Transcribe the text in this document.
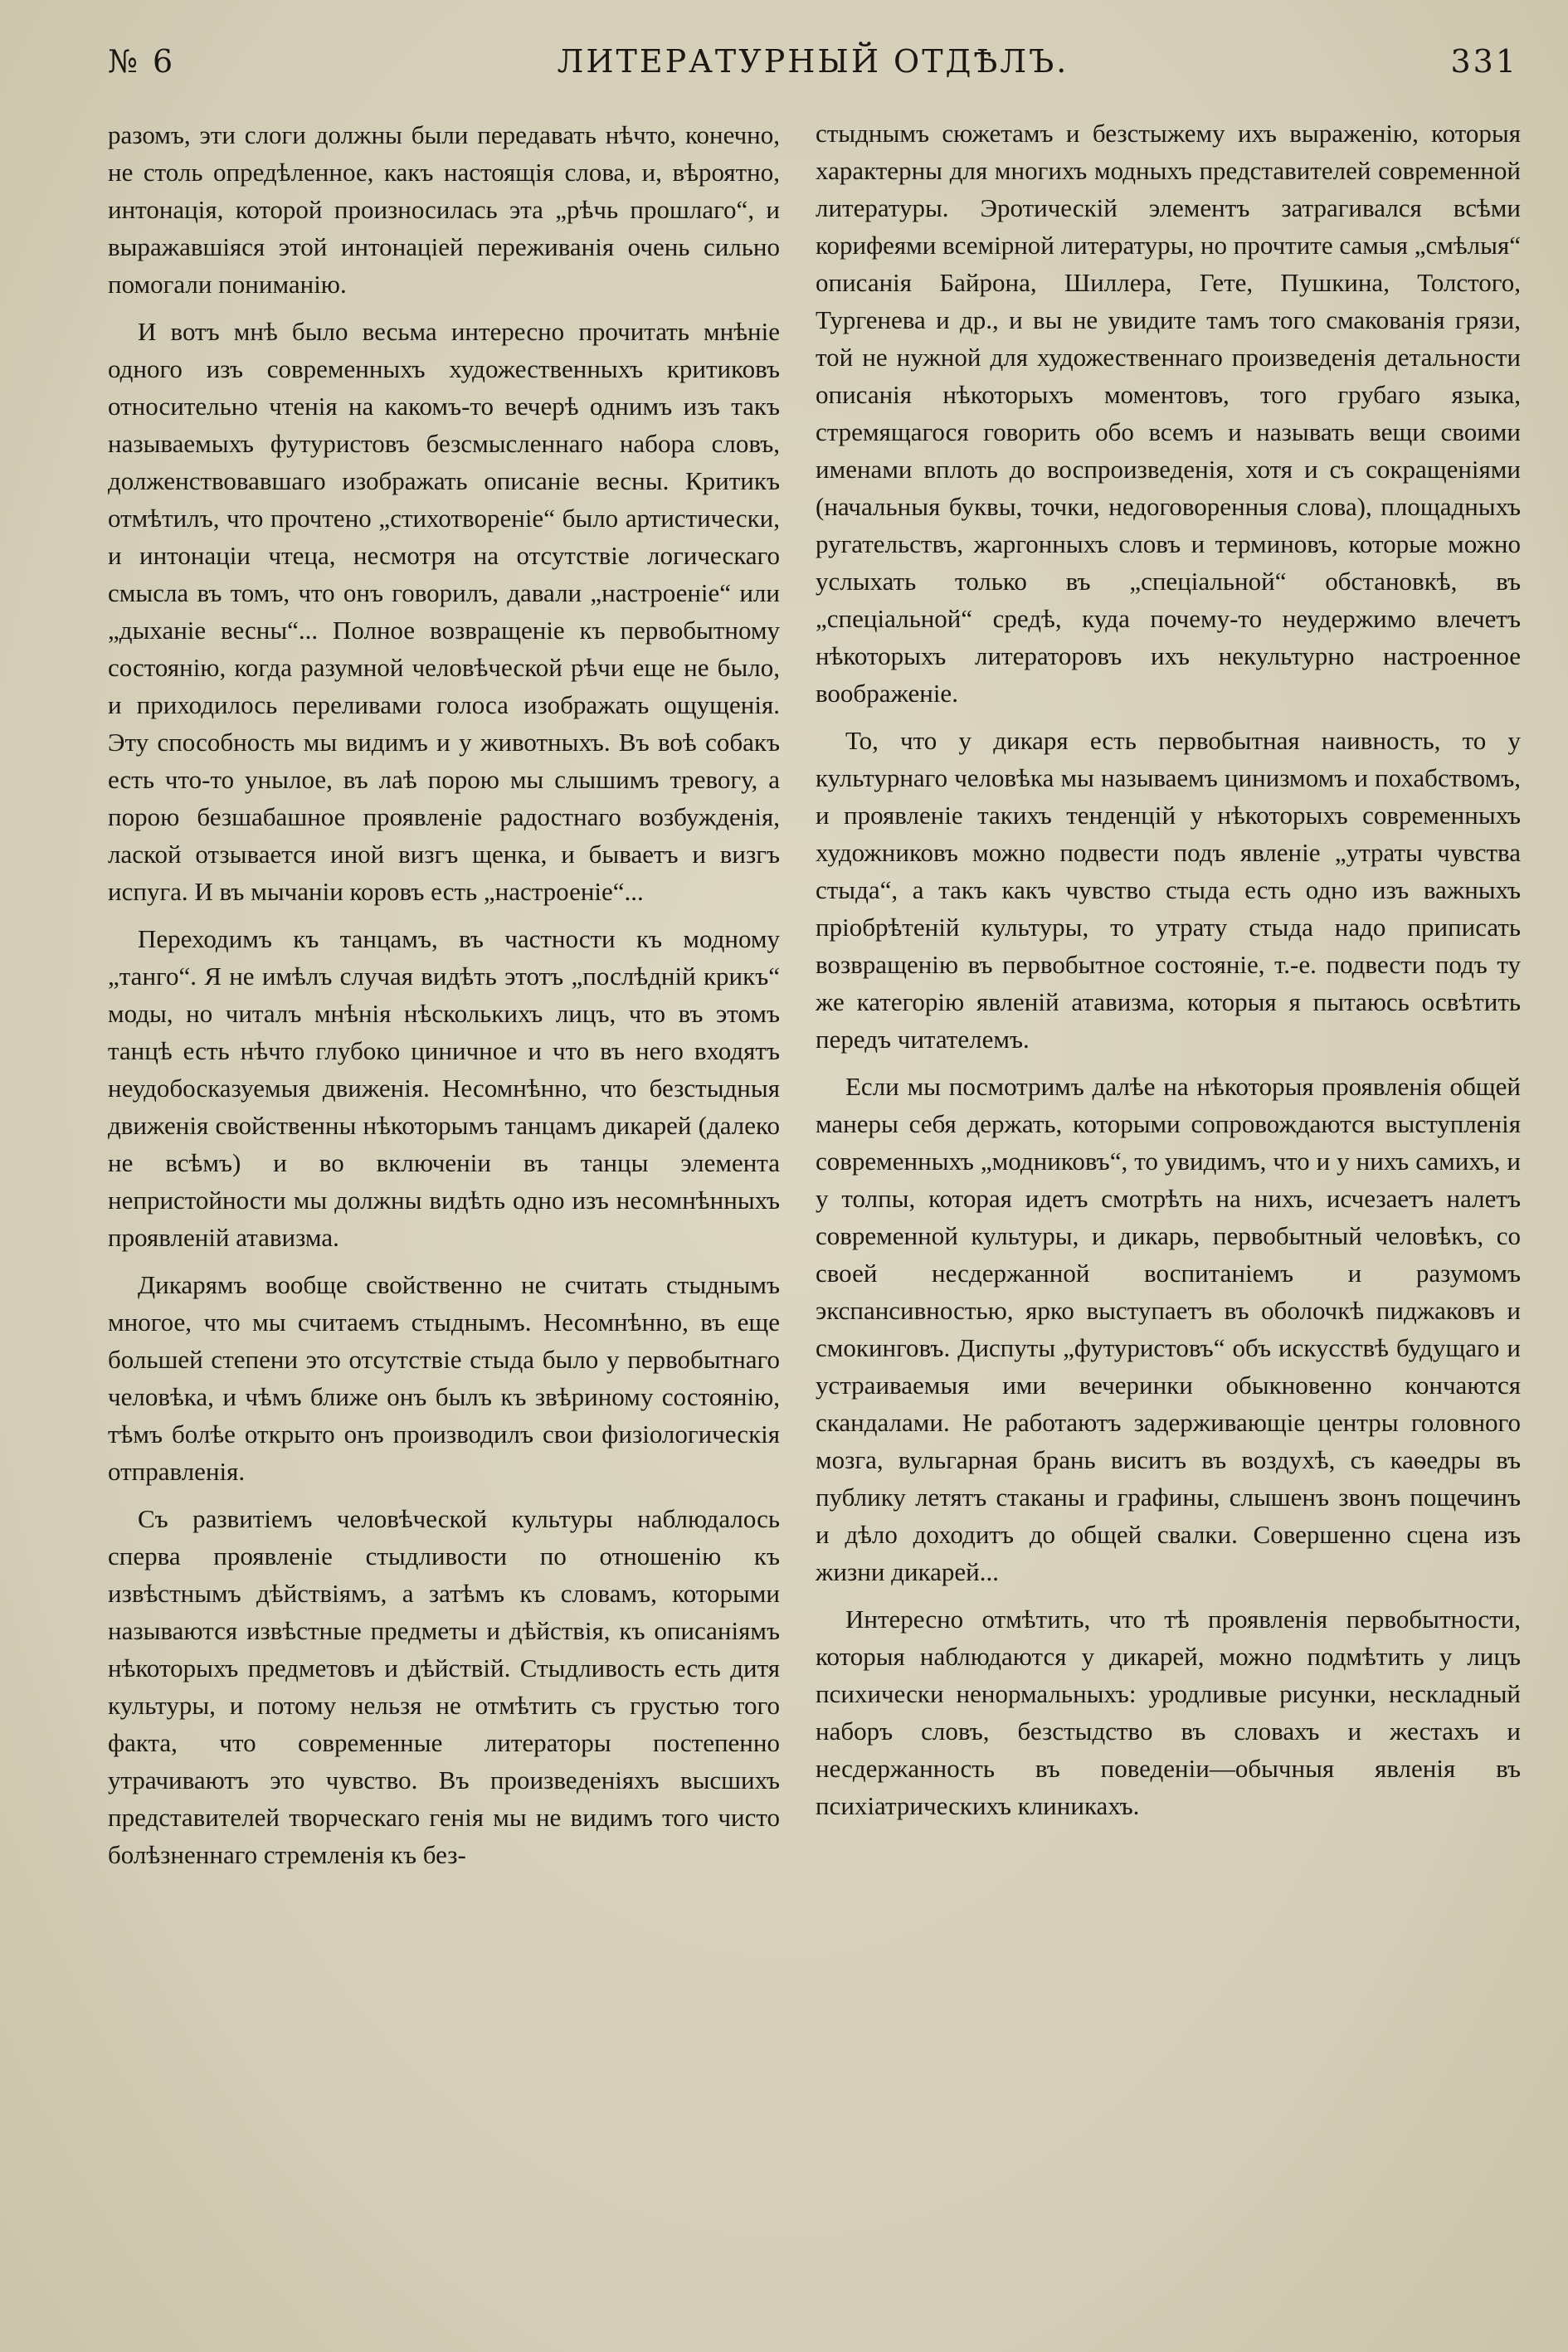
№ 6	ЛИТЕРАТУРНЫЙ ОТДѢЛЪ.	331

разомъ, эти слоги должны были передавать нѣчто, конечно, не столь опредѣленное, какъ настоящія слова, и, вѣроятно, интонація, которой произносилась эта „рѣчь прошлаго“, и выражавшіяся этой интонаціей переживанія очень сильно помогали пониманію.

И вотъ мнѣ было весьма интересно прочитать мнѣніе одного изъ современныхъ художественныхъ критиковъ относительно чтенія на какомъ-то вечерѣ однимъ изъ такъ называемыхъ футуристовъ безсмысленнаго набора словъ, долженствовавшаго изображать описаніе весны. Критикъ отмѣтилъ, что прочтено „стихотвореніе“ было артистически, и интонаціи чтеца, несмотря на отсутствіе логическаго смысла въ томъ, что онъ говорилъ, давали „настроеніе“ или „дыханіе весны“... Полное возвращеніе къ первобытному состоянію, когда разумной человѣческой рѣчи еще не было, и приходилось переливами голоса изображать ощущенія. Эту способность мы видимъ и у животныхъ. Въ воѣ собакъ есть что-то унылое, въ лаѣ порою мы слышимъ тревогу, а порою безшабашное проявленіе радостнаго возбужденія, лаской отзывается иной визгъ щенка, и бываетъ и визгъ испуга. И въ мычаніи коровъ есть „настроеніе“...

Переходимъ къ танцамъ, въ частности къ модному „танго“. Я не имѣлъ случая видѣть этотъ „послѣдній крикъ“ моды, но читалъ мнѣнія нѣсколькихъ лицъ, что въ этомъ танцѣ есть нѣчто глубоко циничное и что въ него входятъ неудобосказуемыя движенія. Несомнѣнно, что безстыдныя движенія свойственны нѣкоторымъ танцамъ дикарей (далеко не всѣмъ) и во включеніи въ танцы элемента непристойности мы должны видѣть одно изъ несомнѣнныхъ проявленій атавизма.

Дикарямъ вообще свойственно не считать стыднымъ многое, что мы считаемъ стыднымъ. Несомнѣнно, въ еще большей степени это отсутствіе стыда было у первобытнаго человѣка, и чѣмъ ближе онъ былъ къ звѣриному состоянію, тѣмъ болѣе открыто онъ производилъ свои физіологическія отправленія.

Съ развитіемъ человѣческой культуры наблюдалось сперва проявленіе стыдливости по отношенію къ извѣстнымъ дѣйствіямъ, а затѣмъ къ словамъ, которыми называются извѣстные предметы и дѣйствія, къ описаніямъ нѣкоторыхъ предметовъ и дѣйствій. Стыдливость есть дитя культуры, и потому нельзя не отмѣтить съ грустью того факта, что современные литераторы постепенно утрачиваютъ это чувство. Въ произведеніяхъ высшихъ представителей творческаго генія мы не видимъ того чисто болѣзненнаго стремленія къ без-

стыднымъ сюжетамъ и безстыжему ихъ выраженію, которыя характерны для многихъ модныхъ представителей современной литературы. Эротическій элементъ затрагивался всѣми корифеями всемірной литературы, но прочтите самыя „смѣлыя“ описанія Байрона, Шиллера, Гете, Пушкина, Толстого, Тургенева и др., и вы не увидите тамъ того смакованія грязи, той не нужной для художественнаго произведенія детальности описанія нѣкоторыхъ моментовъ, того грубаго языка, стремящагося говорить обо всемъ и называть вещи своими именами вплоть до воспроизведенія, хотя и съ сокращеніями (начальныя буквы, точки, недоговоренныя слова), площадныхъ ругательствъ, жаргонныхъ словъ и терминовъ, которые можно услыхать только въ „спеціальной“ обстановкѣ, въ „спеціальной“ средѣ, куда почему-то неудержимо влечетъ нѣкоторыхъ литераторовъ ихъ некультурно настроенное воображеніе.

То, что у дикаря есть первобытная наивность, то у культурнаго человѣка мы называемъ цинизмомъ и похабствомъ, и проявленіе такихъ тенденцій у нѣкоторыхъ современныхъ художниковъ можно подвести подъ явленіе „утраты чувства стыда“, а такъ какъ чувство стыда есть одно изъ важныхъ пріобрѣтеній культуры, то утрату стыда надо приписать возвращенію въ первобытное состояніе, т.-е. подвести подъ ту же категорію явленій атавизма, которыя я пытаюсь освѣтить передъ читателемъ.

Если мы посмотримъ далѣе на нѣкоторыя проявленія общей манеры себя держать, которыми сопровождаются выступленія современныхъ „модниковъ“, то увидимъ, что и у нихъ самихъ, и у толпы, которая идетъ смотрѣть на нихъ, исчезаетъ налетъ современной культуры, и дикарь, первобытный человѣкъ, со своей несдержанной воспитаніемъ и разумомъ экспансивностью, ярко выступаетъ въ оболочкѣ пиджаковъ и смокинговъ. Диспуты „футуристовъ“ объ искусствѣ будущаго и устраиваемыя ими вечеринки обыкновенно кончаются скандалами. Не работаютъ задерживающіе центры головного мозга, вульгарная брань виситъ въ воздухѣ, съ каѳедры въ публику летятъ стаканы и графины, слышенъ звонъ пощечинъ и дѣло доходитъ до общей свалки. Совершенно сцена изъ жизни дикарей...

Интересно отмѣтить, что тѣ проявленія первобытности, которыя наблюдаются у дикарей, можно подмѣтить у лицъ психически ненормальныхъ: уродливые рисунки, нескладный наборъ словъ, безстыдство въ словахъ и жестахъ и несдержанность въ поведеніи—обычныя явленія въ психіатрическихъ клиникахъ.
